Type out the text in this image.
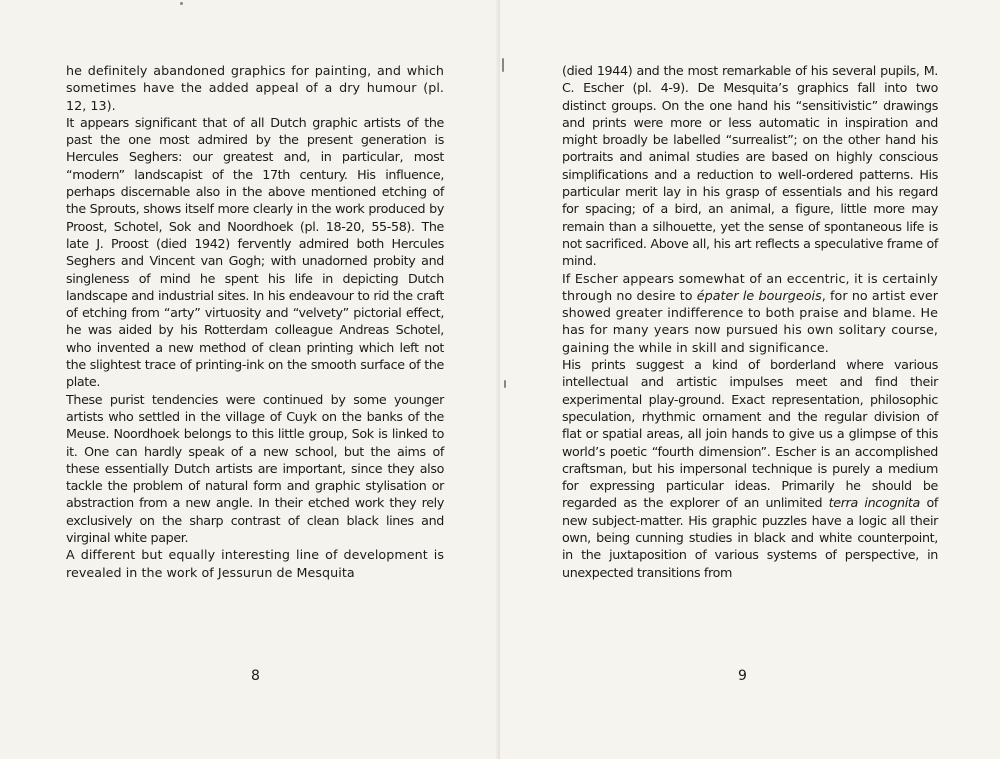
he definitely abandoned graphics for painting, and which sometimes have the added appeal of a dry humour (pl. 12, 13).

It appears significant that of all Dutch graphic artists of the past the one most admired by the present generation is Hercules Seghers: our greatest and, in particular, most “modern” landscapist of the 17th century. His influence, perhaps discernable also in the above mentioned etching of the Sprouts, shows itself more clearly in the work produced by Proost, Schotel, Sok and Noordhoek (pl. 18-20, 55-58). The late J. Proost (died 1942) fervently admired both Hercules Seghers and Vincent van Gogh; with unadorned probity and singleness of mind he spent his life in depicting Dutch landscape and industrial sites. In his endeavour to rid the craft of etching from “arty” virtuosity and “velvety” pictorial effect, he was aided by his Rotterdam colleague Andreas Schotel, who invented a new method of clean printing which left not the slightest trace of printing-ink on the smooth surface of the plate.

These purist tendencies were continued by some younger artists who settled in the village of Cuyk on the banks of the Meuse. Noordhoek belongs to this little group, Sok is linked to it. One can hardly speak of a new school, but the aims of these essentially Dutch artists are important, since they also tackle the problem of natural form and graphic stylisation or abstraction from a new angle. In their etched work they rely exclusively on the sharp contrast of clean black lines and virginal white paper.

A different but equally interesting line of development is revealed in the work of Jessurun de Mesquita

8

(died 1944) and the most remarkable of his several pupils, M. C. Escher (pl. 4-9). De Mesquita’s graphics fall into two distinct groups. On the one hand his “sensitivistic” drawings and prints were more or less automatic in inspiration and might broadly be labelled “surrealist”; on the other hand his portraits and animal studies are based on highly conscious simplifications and a reduction to well-ordered patterns. His particular merit lay in his grasp of essentials and his regard for spacing; of a bird, an animal, a figure, little more may remain than a silhouette, yet the sense of spontaneous life is not sacrificed. Above all, his art reflects a speculative frame of mind.

If Escher appears somewhat of an eccentric, it is certainly through no desire to épater le bourgeois, for no artist ever showed greater indifference to both praise and blame. He has for many years now pursued his own solitary course, gaining the while in skill and significance.

His prints suggest a kind of borderland where various intellectual and artistic impulses meet and find their experimental play-ground. Exact representation, philosophic speculation, rhythmic ornament and the regular division of flat or spatial areas, all join hands to give us a glimpse of this world’s poetic “fourth dimension”. Escher is an accomplished craftsman, but his impersonal technique is purely a medium for expressing particular ideas. Primarily he should be regarded as the explorer of an unlimited terra incognita of new subject-matter. His graphic puzzles have a logic all their own, being cunning studies in black and white counterpoint, in the juxtaposition of various systems of perspective, in unexpected transitions from

9
